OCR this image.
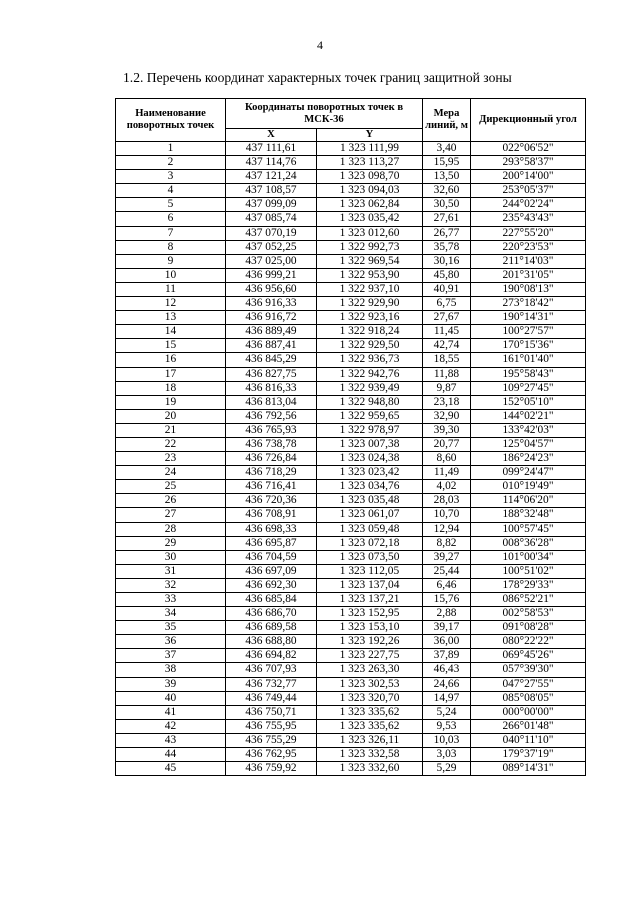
4
1.2. Перечень координат характерных точек границ защитной зоны
Наименование поворотных точек	Координаты поворотных точек в МСК-36		Мера линий, м	Дирекционный угол
	X	Y		
1	437 111,61	1 323 111,99	3,40	022°06'52"
2	437 114,76	1 323 113,27	15,95	293°58'37"
3	437 121,24	1 323 098,70	13,50	200°14'00"
4	437 108,57	1 323 094,03	32,60	253°05'37"
5	437 099,09	1 323 062,84	30,50	244°02'24"
6	437 085,74	1 323 035,42	27,61	235°43'43"
7	437 070,19	1 323 012,60	26,77	227°55'20"
8	437 052,25	1 322 992,73	35,78	220°23'53"
9	437 025,00	1 322 969,54	30,16	211°14'03"
10	436 999,21	1 322 953,90	45,80	201°31'05"
11	436 956,60	1 322 937,10	40,91	190°08'13"
12	436 916,33	1 322 929,90	6,75	273°18'42"
13	436 916,72	1 322 923,16	27,67	190°14'31"
14	436 889,49	1 322 918,24	11,45	100°27'57"
15	436 887,41	1 322 929,50	42,74	170°15'36"
16	436 845,29	1 322 936,73	18,55	161°01'40"
17	436 827,75	1 322 942,76	11,88	195°58'43"
18	436 816,33	1 322 939,49	9,87	109°27'45"
19	436 813,04	1 322 948,80	23,18	152°05'10"
20	436 792,56	1 322 959,65	32,90	144°02'21"
21	436 765,93	1 322 978,97	39,30	133°42'03"
22	436 738,78	1 323 007,38	20,77	125°04'57"
23	436 726,84	1 323 024,38	8,60	186°24'23"
24	436 718,29	1 323 023,42	11,49	099°24'47"
25	436 716,41	1 323 034,76	4,02	010°19'49"
26	436 720,36	1 323 035,48	28,03	114°06'20"
27	436 708,91	1 323 061,07	10,70	188°32'48"
28	436 698,33	1 323 059,48	12,94	100°57'45"
29	436 695,87	1 323 072,18	8,82	008°36'28"
30	436 704,59	1 323 073,50	39,27	101°00'34"
31	436 697,09	1 323 112,05	25,44	100°51'02"
32	436 692,30	1 323 137,04	6,46	178°29'33"
33	436 685,84	1 323 137,21	15,76	086°52'21"
34	436 686,70	1 323 152,95	2,88	002°58'53"
35	436 689,58	1 323 153,10	39,17	091°08'28"
36	436 688,80	1 323 192,26	36,00	080°22'22"
37	436 694,82	1 323 227,75	37,89	069°45'26"
38	436 707,93	1 323 263,30	46,43	057°39'30"
39	436 732,77	1 323 302,53	24,66	047°27'55"
40	436 749,44	1 323 320,70	14,97	085°08'05"
41	436 750,71	1 323 335,62	5,24	000°00'00"
42	436 755,95	1 323 335,62	9,53	266°01'48"
43	436 755,29	1 323 326,11	10,03	040°11'10"
44	436 762,95	1 323 332,58	3,03	179°37'19"
45	436 759,92	1 323 332,60	5,29	089°14'31"
